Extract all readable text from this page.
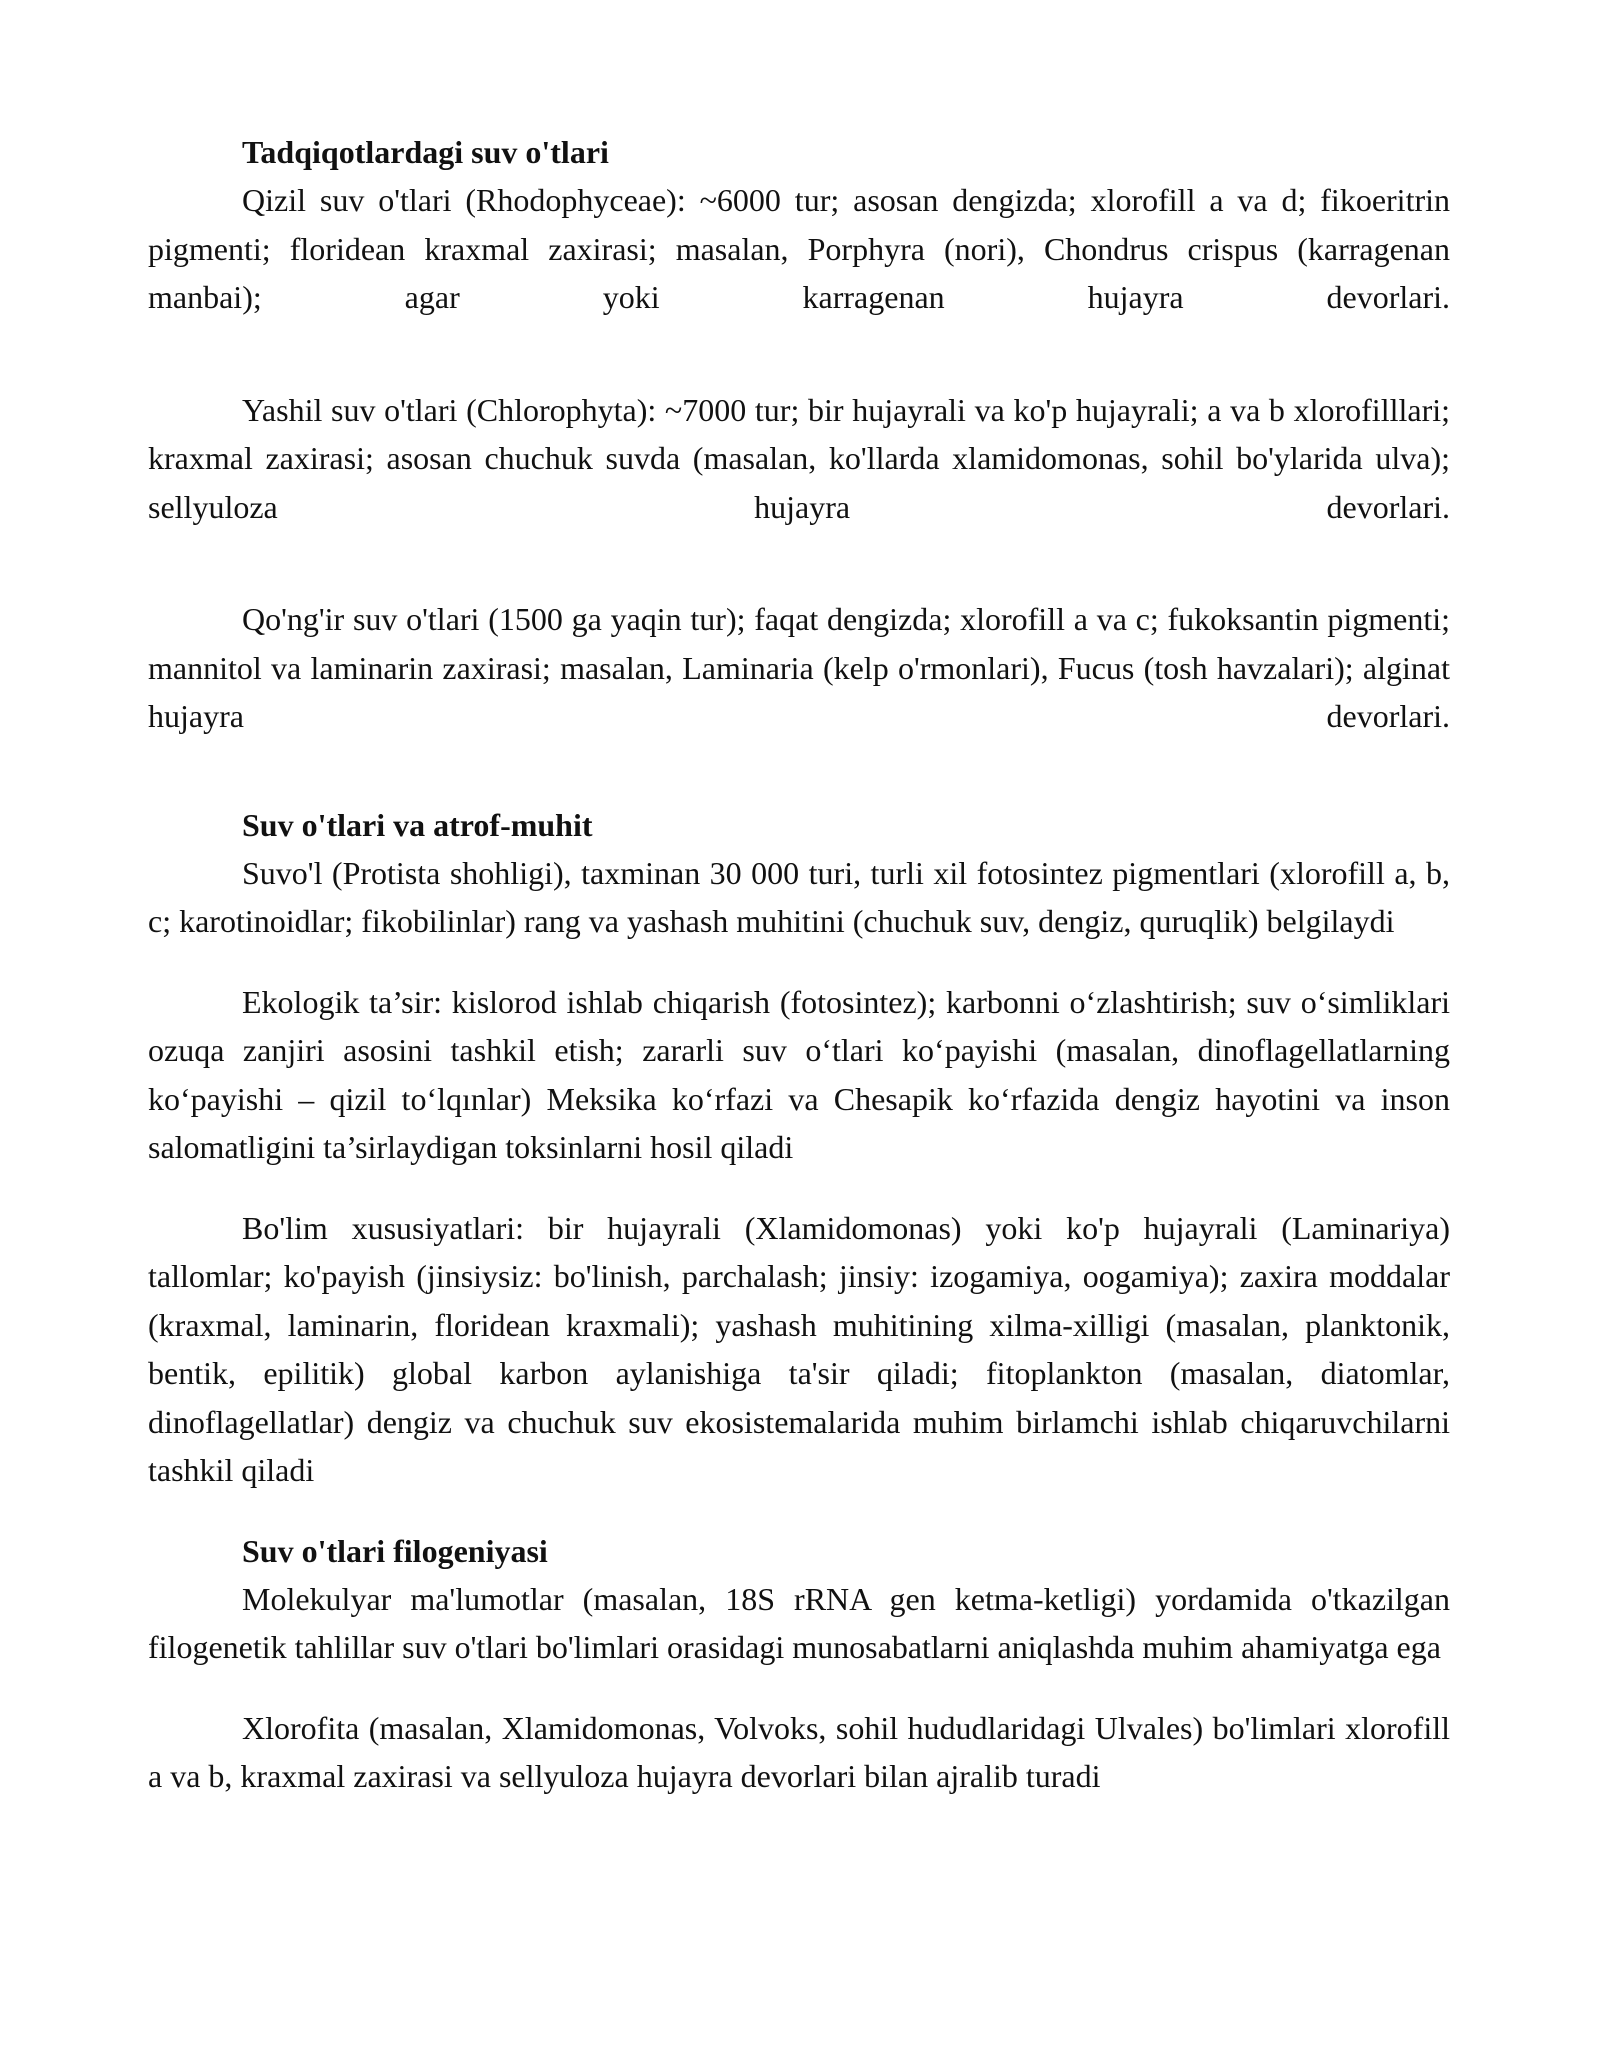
Tadqiqotlardagi suv o'tlari

Qizil suv o'tlari (Rhodophyceae): ~6000 tur; asosan dengizda; xlorofill a va d; fikoeritrin pigmenti; floridean kraxmal zaxirasi; masalan, Porphyra (nori), Chondrus crispus (karragenan manbai); agar yoki karragenan hujayra devorlari.

Yashil suv o'tlari (Chlorophyta): ~7000 tur; bir hujayrali va ko'p hujayrali; a va b xlorofilllari; kraxmal zaxirasi; asosan chuchuk suvda (masalan, ko'llarda xlamidomonas, sohil bo'ylarida ulva); sellyuloza hujayra devorlari.

Qo'ng'ir suv o'tlari (1500 ga yaqin tur); faqat dengizda; xlorofill a va c; fukoksantin pigmenti; mannitol va laminarin zaxirasi; masalan, Laminaria (kelp o'rmonlari), Fucus (tosh havzalari); alginat hujayra devorlari.

Suv o'tlari va atrof-muhit

Suvo'l (Protista shohligi), taxminan 30 000 turi, turli xil fotosintez pigmentlari (xlorofill a, b, c; karotinoidlar; fikobilinlar) rang va yashash muhitini (chuchuk suv, dengiz, quruqlik) belgilaydi

Ekologik ta’sir: kislorod ishlab chiqarish (fotosintez); karbonni o‘zlashtirish; suv o‘simliklari ozuqa zanjiri asosini tashkil etish; zararli suv o‘tlari ko‘payishi (masalan, dinoflagellatlarning ko‘payishi – qizil to‘lqınlar) Meksika ko‘rfazi va Chesapik ko‘rfazida dengiz hayotini va inson salomatligini ta’sirlaydigan toksinlarni hosil qiladi

Bo'lim xususiyatlari: bir hujayrali (Xlamidomonas) yoki ko'p hujayrali (Laminariya) tallomlar; ko'payish (jinsiysiz: bo'linish, parchalash; jinsiy: izogamiya, oogamiya); zaxira moddalar (kraxmal, laminarin, floridean kraxmali); yashash muhitining xilma-xilligi (masalan, planktonik, bentik, epilitik) global karbon aylanishiga ta'sir qiladi; fitoplankton (masalan, diatomlar, dinoflagellatlar) dengiz va chuchuk suv ekosistemalarida muhim birlamchi ishlab chiqaruvchilarni tashkil qiladi

Suv o'tlari filogeniyasi

Molekulyar ma'lumotlar (masalan, 18S rRNA gen ketma-ketligi) yordamida o'tkazilgan filogenetik tahlillar suv o'tlari bo'limlari orasidagi munosabatlarni aniqlashda muhim ahamiyatga ega

Xlorofita (masalan, Xlamidomonas, Volvoks, sohil hududlaridagi Ulvales) bo'limlari xlorofill a va b, kraxmal zaxirasi va sellyuloza hujayra devorlari bilan ajralib turadi
